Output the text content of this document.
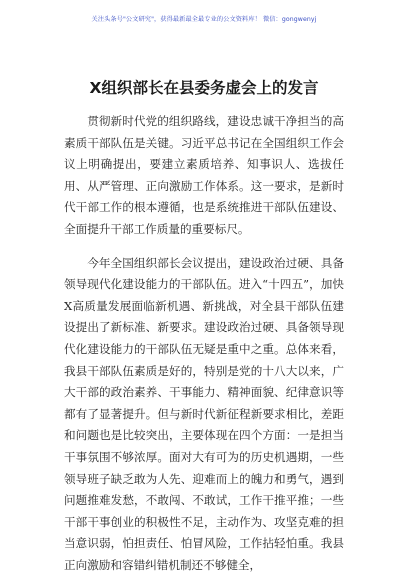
关注头条号"公文研究"，获得最新最全最专业的公文资料库！ 微信：gongwenyj
X组织部长在县委务虚会上的发言

贯彻新时代党的组织路线，建设忠诚干净担当的高素质干部队伍是关键。习近平总书记在全国组织工作会议上明确提出，要建立素质培养、知事识人、选拔任用、从严管理、正向激励工作体系。这一要求，是新时代干部工作的根本遵循，也是系统推进干部队伍建设、全面提升干部工作质量的重要标尺。

今年全国组织部长会议提出，建设政治过硬、具备领导现代化建设能力的干部队伍。进入“十四五”，加快X高质量发展面临新机遇、新挑战，对全县干部队伍建设提出了新标准、新要求。建设政治过硬、具备领导现代化建设能力的干部队伍无疑是重中之重。总体来看，我县干部队伍素质是好的，特别是党的十八大以来，广大干部的政治素养、干事能力、精神面貌、纪律意识等都有了显著提升。但与新时代新征程新要求相比，差距和问题也是比较突出，主要体现在四个方面：一是担当干事氛围不够浓厚。面对大有可为的历史机遇期，一些领导班子缺乏敢为人先、迎难而上的魄力和勇气，遇到问题推难发愁，不敢闯、不敢试，工作干推平推；一些干部干事创业的积极性不足，主动作为、攻坚克难的担当意识弱，怕担责任、怕冒风险，工作拈轻怕重。我县正向激励和容错纠错机制还不够健全，
